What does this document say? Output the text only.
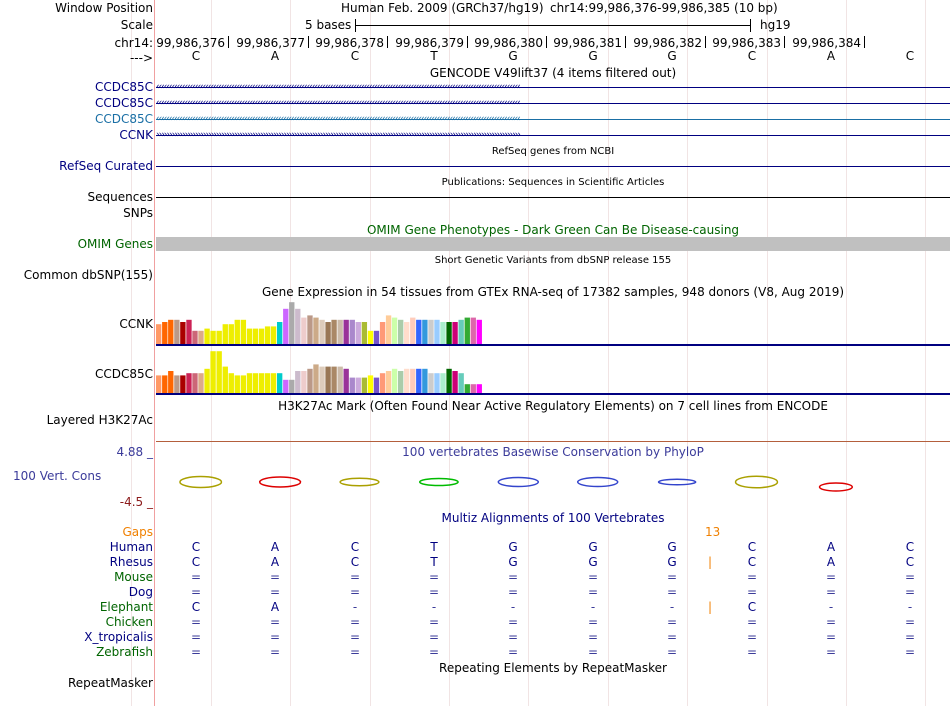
Window Position	Human Feb. 2009 (GRCh37/hg19) chr14:99,986,376-99,986,385 (10 bp)
Scale	5 bases	hg19
chr14: 99,986,376 99,986,377 99,986,378 99,986,379 99,986,380 99,986,381 99,986,382 99,986,383 99,986,384
--->	C	A	C	T	G	G	G	C	A	C
GENCODE V49lift37 (4 items filtered out)
CCDC85C ‹‹‹‹‹‹‹‹‹‹‹‹‹‹‹‹‹‹‹‹‹‹‹‹‹‹‹‹‹‹‹‹‹‹‹‹‹‹‹‹‹‹‹‹‹‹‹‹‹‹‹‹‹‹‹‹‹‹‹‹‹‹‹‹‹‹‹‹‹‹‹‹‹‹‹‹‹‹‹‹‹‹‹‹‹‹‹‹‹‹‹‹‹‹‹‹‹‹‹‹‹‹‹‹‹‹‹‹‹‹‹‹‹‹‹‹‹‹‹‹‹‹‹‹‹‹‹‹‹‹‹‹‹‹‹‹‹‹‹‹
CCDC85C ‹‹‹‹‹‹‹‹‹‹‹‹‹‹‹‹‹‹‹‹‹‹‹‹‹‹‹‹‹‹‹‹‹‹‹‹‹‹‹‹‹‹‹‹‹‹‹‹‹‹‹‹‹‹‹‹‹‹‹‹‹‹‹‹‹‹‹‹‹‹‹‹‹‹‹‹‹‹‹‹‹‹‹‹‹‹‹‹‹‹‹‹‹‹‹‹‹‹‹‹‹‹‹‹‹‹‹‹‹‹‹‹‹‹‹‹‹‹‹‹‹‹‹‹‹‹‹‹‹‹‹‹‹‹‹‹‹‹‹‹
CCDC85C ‹‹‹‹‹‹‹‹‹‹‹‹‹‹‹‹‹‹‹‹‹‹‹‹‹‹‹‹‹‹‹‹‹‹‹‹‹‹‹‹‹‹‹‹‹‹‹‹‹‹‹‹‹‹‹‹‹‹‹‹‹‹‹‹‹‹‹‹‹‹‹‹‹‹‹‹‹‹‹‹‹‹‹‹‹‹‹‹‹‹‹‹‹‹‹‹‹‹‹‹‹‹‹‹‹‹‹‹‹‹‹‹‹‹‹‹‹‹‹‹‹‹‹‹‹‹‹‹‹‹‹‹‹‹‹‹‹‹‹‹
CCNK ››››››››››››››››››››››››››››››››››››››››››››››››››››››››››››››››››››››››››››››››››››››››››››››››››››››››››››››››››››››››››››››››››››››››››››
RefSeq genes from NCBI
RefSeq Curated
Publications: Sequences in Scientific Articles
Sequences
SNPs
OMIM Gene Phenotypes - Dark Green Can Be Disease-causing
OMIM Genes
Short Genetic Variants from dbSNP release 155
Common dbSNP(155)
Gene Expression in 54 tissues from GTEx RNA-seq of 17382 samples, 948 donors (V8, Aug 2019)
CCNK
CCDC85C
H3K27Ac Mark (Often Found Near Active Regulatory Elements) on 7 cell lines from ENCODE
Layered H3K27Ac
100 vertebrates Basewise Conservation by PhyloP
4.88 _
100 Vert. Cons
-4.5 _
Multiz Alignments of 100 Vertebrates
Gaps	13
Human	C	A	C	T	G	G	G	C	A	C
Rhesus	C	A	C	T	G	G	G	C	A	C
|
Mouse	=	=	=	=	=	=	=	=	=	=
Dog	=	=	=	=	=	=	=	=	=	=
Elephant	C	A	-	-	-	-	-	C	-	-
|
Chicken	=	=	=	=	=	=	=	=	=	=
X_tropicalis	=	=	=	=	=	=	=	=	=	=
Zebrafish	=	=	=	=	=	=	=	=	=	=
Repeating Elements by RepeatMasker
RepeatMasker
